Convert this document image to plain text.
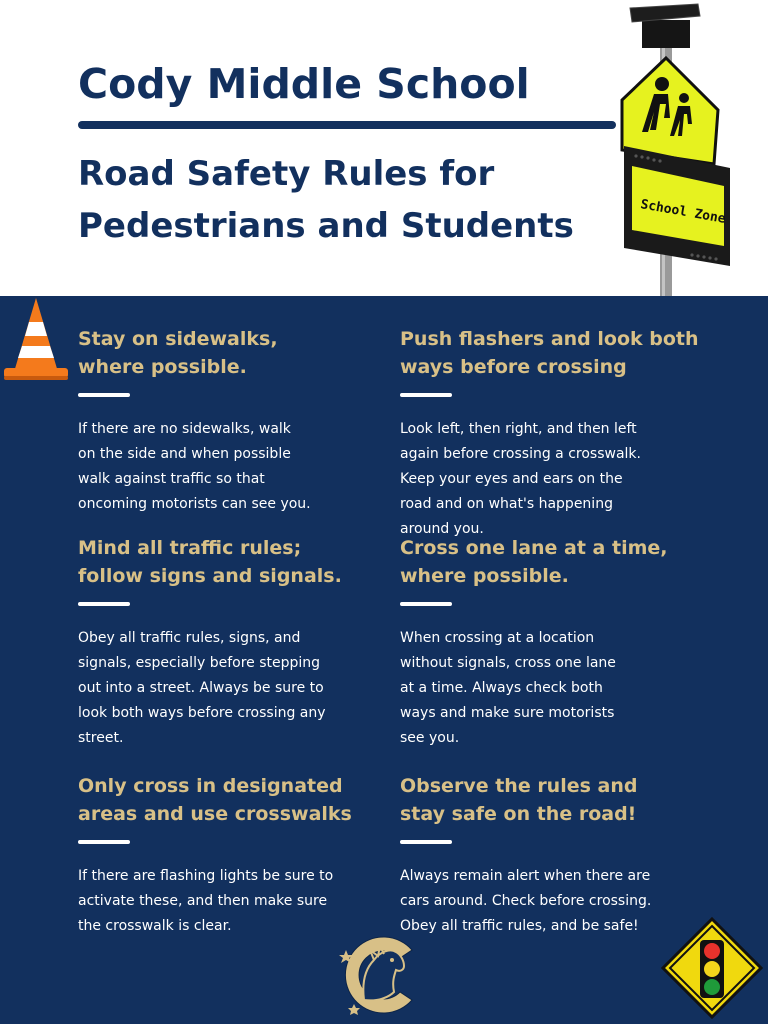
Cody Middle School
Road Safety Rules for
Pedestrians and Students	School Zone
Stay on sidewalks,
where possible.
If there are no sidewalks, walk
on the side and when possible
walk against traffic so that
oncoming motorists can see you.
Push flashers and look both
ways before crossing
Look left, then right, and then left
again before crossing a crosswalk.
Keep your eyes and ears on the
road and on what's happening
around you.
Mind all traffic rules;
follow signs and signals.
Obey all traffic rules, signs, and
signals, especially before stepping
out into a street. Always be sure to
look both ways before crossing any
street.
Cross one lane at a time,
where possible.
When crossing at a location
without signals, cross one lane
at a time. Always check both
ways and make sure motorists
see you.
Only cross in designated
areas and use crosswalks
If there are flashing lights be sure to
activate these, and then make sure
the crosswalk is clear.
Observe the rules and
stay safe on the road!
Always remain alert when there are
cars around. Check before crossing.
Obey all traffic rules, and be safe!
